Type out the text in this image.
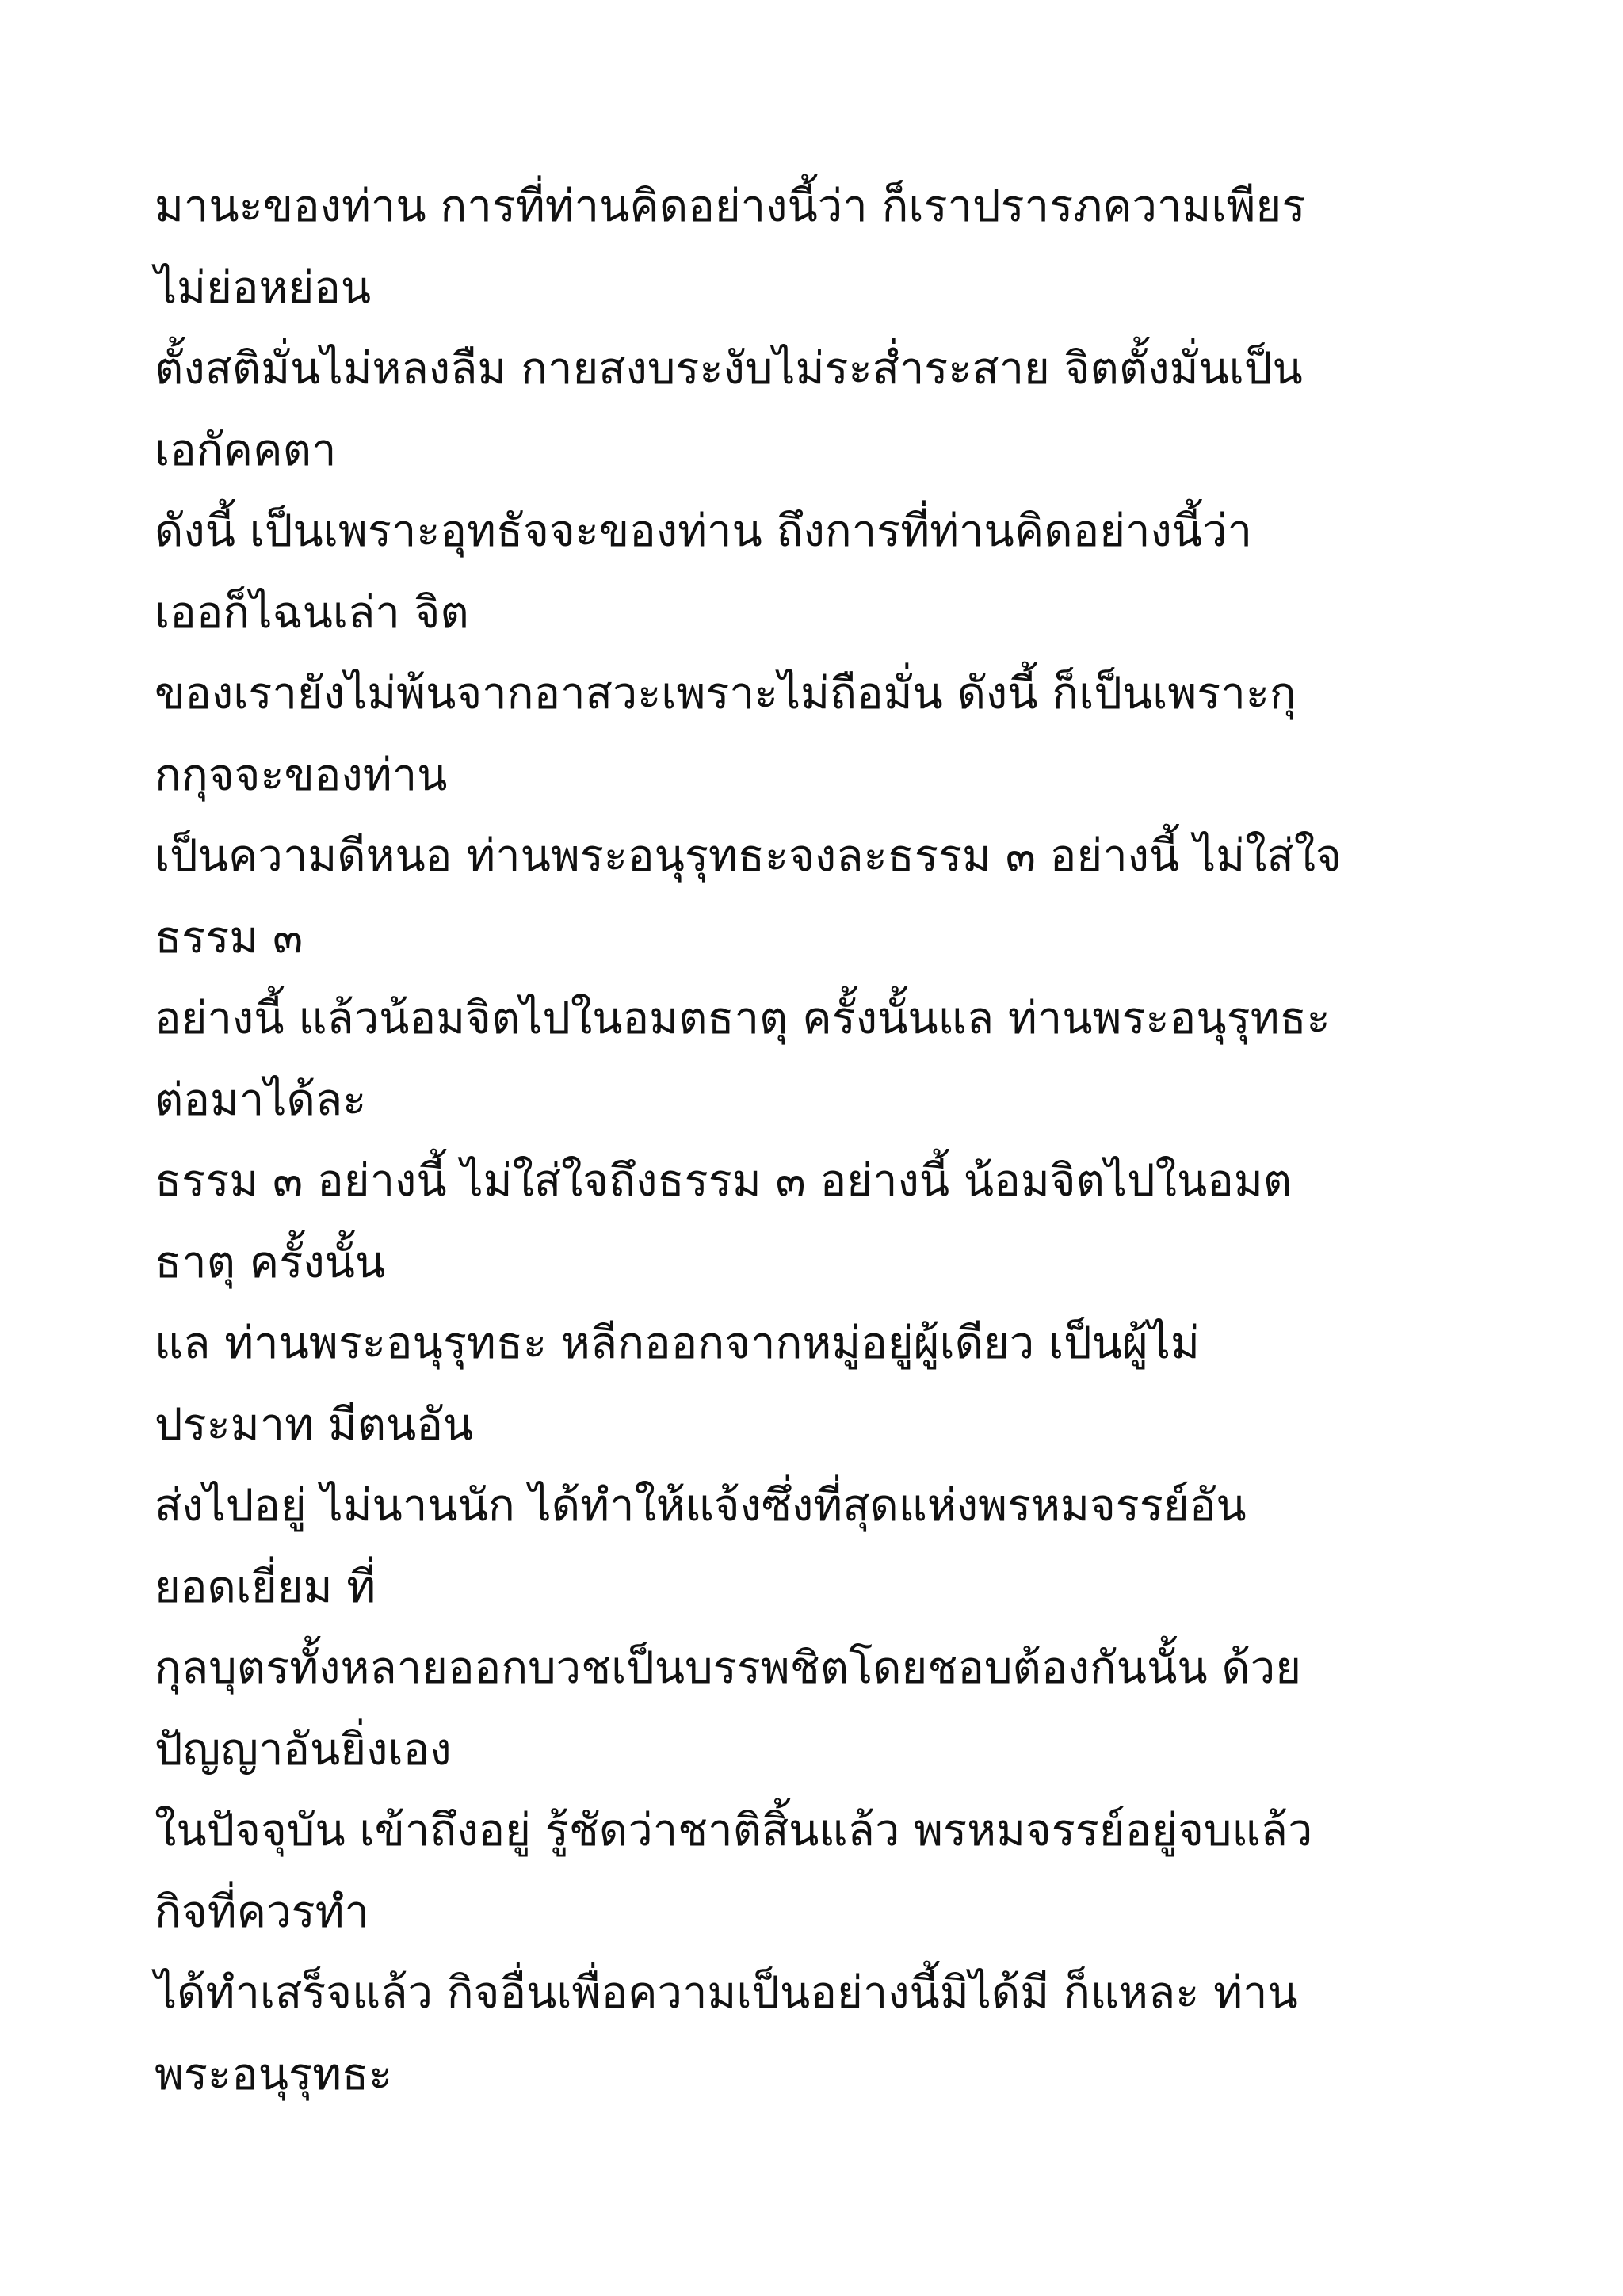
มานะของท่าน การที่ท่านคิดอย่างนี้ว่า ก็เราปรารภความเพียร
ไม่ย่อหย่อน
ตั้งสติมั่นไม่หลงลืม กายสงบระงับไม่ระส่ำระสาย จิตตั้งมั่นเป็น
เอกัคคตา
ดังนี้ เป็นเพราะอุทธัจจะของท่าน ถึงการที่ท่านคิดอย่างนี้ว่า
เออก็ไฉนเล่า จิต
ของเรายังไม่พ้นจากอาสวะเพราะไม่ถือมั่น ดังนี้ ก็เป็นเพราะกุ
กกุจจะของท่าน
เป็นความดีหนอ ท่านพระอนุรุทธะจงละธรรม ๓ อย่างนี้ ไม่ใส่ใจ
ธรรม ๓
อย่างนี้ แล้วน้อมจิตไปในอมตธาตุ ครั้งนั้นแล ท่านพระอนุรุทธะ
ต่อมาได้ละ
ธรรม ๓ อย่างนี้ ไม่ใส่ใจถึงธรรม ๓ อย่างนี้ น้อมจิตไปในอมต
ธาตุ ครั้งนั้น
แล ท่านพระอนุรุทธะ หลีกออกจากหมู่อยู่ผู้เดียว เป็นผู้ไม่
ประมาท มีตนอัน
ส่งไปอยู่ ไม่นานนัก ได้ทำให้แจ้งซึ่งที่สุดแห่งพรหมจรรย์อัน
ยอดเยี่ยม ที่
กุลบุตรทั้งหลายออกบวชเป็นบรรพชิตโดยชอบต้องกันนั้น ด้วย
ปัญญาอันยิ่งเอง
ในปัจจุบัน เข้าถึงอยู่ รู้ชัดว่าชาติสิ้นแล้ว พรหมจรรย์อยู่จบแล้ว
กิจที่ควรทำ
ได้ทำเสร็จแล้ว กิจอื่นเพื่อความเป็นอย่างนี้มิได้มี ก็แหละ ท่าน
พระอนุรุทธะ
